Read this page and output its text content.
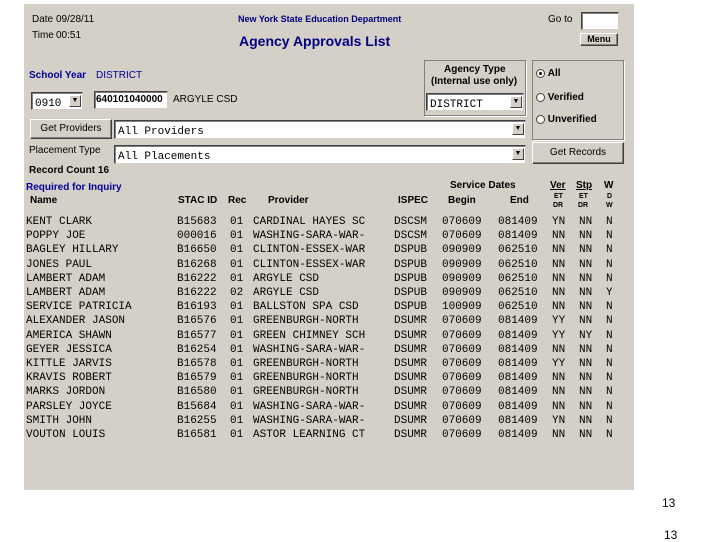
Date 09/28/11
Time 00:51
New York State Education Department
Agency Approvals List
Go to
Menu
School Year DISTRICT
0910	▼ 640101040000	ARGYLE CSD
Agency Type
(Internal use only)
DISTRICT	▼
All
Verified
Unverified
Get Providers	All Providers	▼
Placement Type
All Placements	▼	Get Records
Record Count 16
Required for Inquiry	Service Dates	Ver Stp W
Name	STAC ID Rec Provider	ISPEC Begin	End	ET
DR
ET
DR
D
W
KENT CLARK	B15683 01 CARDINAL HAYES SC	DSCSM 070609 081409 YN NN N
POPPY JOE	000016 01 WASHING-SARA-WAR-	DSCSM 070609 081409 NN NN N
BAGLEY HILLARY	B16650 01 CLINTON-ESSEX-WAR	DSPUB 090909 062510 NN NN N
JONES PAUL	B16268 01 CLINTON-ESSEX-WAR	DSPUB 090909 062510 NN NN N
LAMBERT ADAM	B16222 01 ARGYLE CSD	DSPUB 090909 062510 NN NN N
LAMBERT ADAM	B16222 02 ARGYLE CSD	DSPUB 090909 062510 NN NN Y
SERVICE PATRICIA	B16193 01 BALLSTON SPA CSD	DSPUB 100909 062510 NN NN N
ALEXANDER JASON	B16576 01 GREENBURGH-NORTH	DSUMR 070609 081409 YY NN N
AMERICA SHAWN	B16577 01 GREEN CHIMNEY SCH	DSUMR 070609 081409 YY NY N
GEYER JESSICA	B16254 01 WASHING-SARA-WAR-	DSUMR 070609 081409 NN NN N
KITTLE JARVIS	B16578 01 GREENBURGH-NORTH	DSUMR 070609 081409 YY NN N
KRAVIS ROBERT	B16579 01 GREENBURGH-NORTH	DSUMR 070609 081409 NN NN N
MARKS JORDON	B16580 01 GREENBURGH-NORTH	DSUMR 070609 081409 NN NN N
PARSLEY JOYCE	B15684 01 WASHING-SARA-WAR-	DSUMR 070609 081409 NN NN N
SMITH JOHN	B16255 01 WASHING-SARA-WAR-	DSUMR 070609 081409 YN NN N
VOUTON LOUIS	B16581 01 ASTOR LEARNING CT	DSUMR 070609 081409 NN NN N
13
13
